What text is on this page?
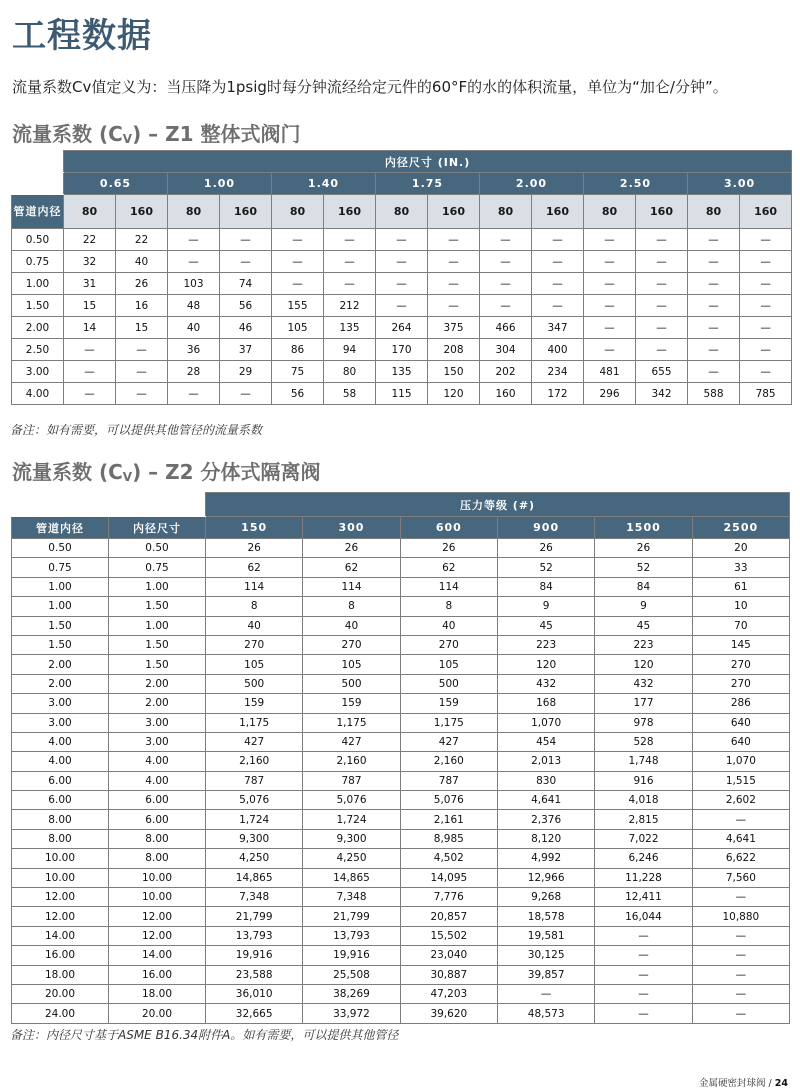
工程数据
流量系数Cv值定义为：当压降为1psig时每分钟流经给定元件的60°F的水的体积流量，单位为“加仑/分钟”。
流量系数 $(C_V) - Z1$ 整体式阀门
	内径尺寸 (IN.)													
	0.65		1.00		1.40		1.75		2.00		2.50		3.00	
管道内径	80	160	80	160	80	160	80	160	80	160	80	160	80	160
0.50	22	22	—	—	—	—	—	—	—	—	—	—	—	—
0.75	32	40	—	—	—	—	—	—	—	—	—	—	—	—
1.00	31	26	103	74	—	—	—	—	—	—	—	—	—	—
1.50	15	16	48	56	155	212	—	—	—	—	—	—	—	—
2.00	14	15	40	46	105	135	264	375	466	347	—	—	—	—
2.50	—	—	36	37	86	94	170	208	304	400	—	—	—	—
3.00	—	—	28	29	75	80	135	150	202	234	481	655	—	—
4.00	—	—	—	—	56	58	115	120	160	172	296	342	588	785
备注：如有需要，可以提供其他管径的流量系数
流量系数 $(C_V) - Z2$ 分体式隔离阀
		压力等级 (#)					
管道内径	内径尺寸	150	300	600	900	1500	2500
0.50	0.50	26	26	26	26	26	20
0.75	0.75	62	62	62	52	52	33
1.00	1.00	114	114	114	84	84	61
1.00	1.50	8	8	8	9	9	10
1.50	1.00	40	40	40	45	45	70
1.50	1.50	270	270	270	223	223	145
2.00	1.50	105	105	105	120	120	270
2.00	2.00	500	500	500	432	432	270
3.00	2.00	159	159	159	168	177	286
3.00	3.00	1,175	1,175	1,175	1,070	978	640
4.00	3.00	427	427	427	454	528	640
4.00	4.00	2,160	2,160	2,160	2,013	1,748	1,070
6.00	4.00	787	787	787	830	916	1,515
6.00	6.00	5,076	5,076	5,076	4,641	4,018	2,602
8.00	6.00	1,724	1,724	2,161	2,376	2,815	—
8.00	8.00	9,300	9,300	8,985	8,120	7,022	4,641
10.00	8.00	4,250	4,250	4,502	4,992	6,246	6,622
10.00	10.00	14,865	14,865	14,095	12,966	11,228	7,560
12.00	10.00	7,348	7,348	7,776	9,268	12,411	—
12.00	12.00	21,799	21,799	20,857	18,578	16,044	10,880
14.00	12.00	13,793	13,793	15,502	19,581	—	—
16.00	14.00	19,916	19,916	23,040	30,125	—	—
18.00	16.00	23,588	25,508	30,887	39,857	—	—
20.00	18.00	36,010	38,269	47,203	—	—	—
24.00	20.00	32,665	33,972	39,620	48,573	—	—
备注：内径尺寸基于ASME B16.34附件A。如有需要，可以提供其他管径
金属硬密封球阀 / 24
